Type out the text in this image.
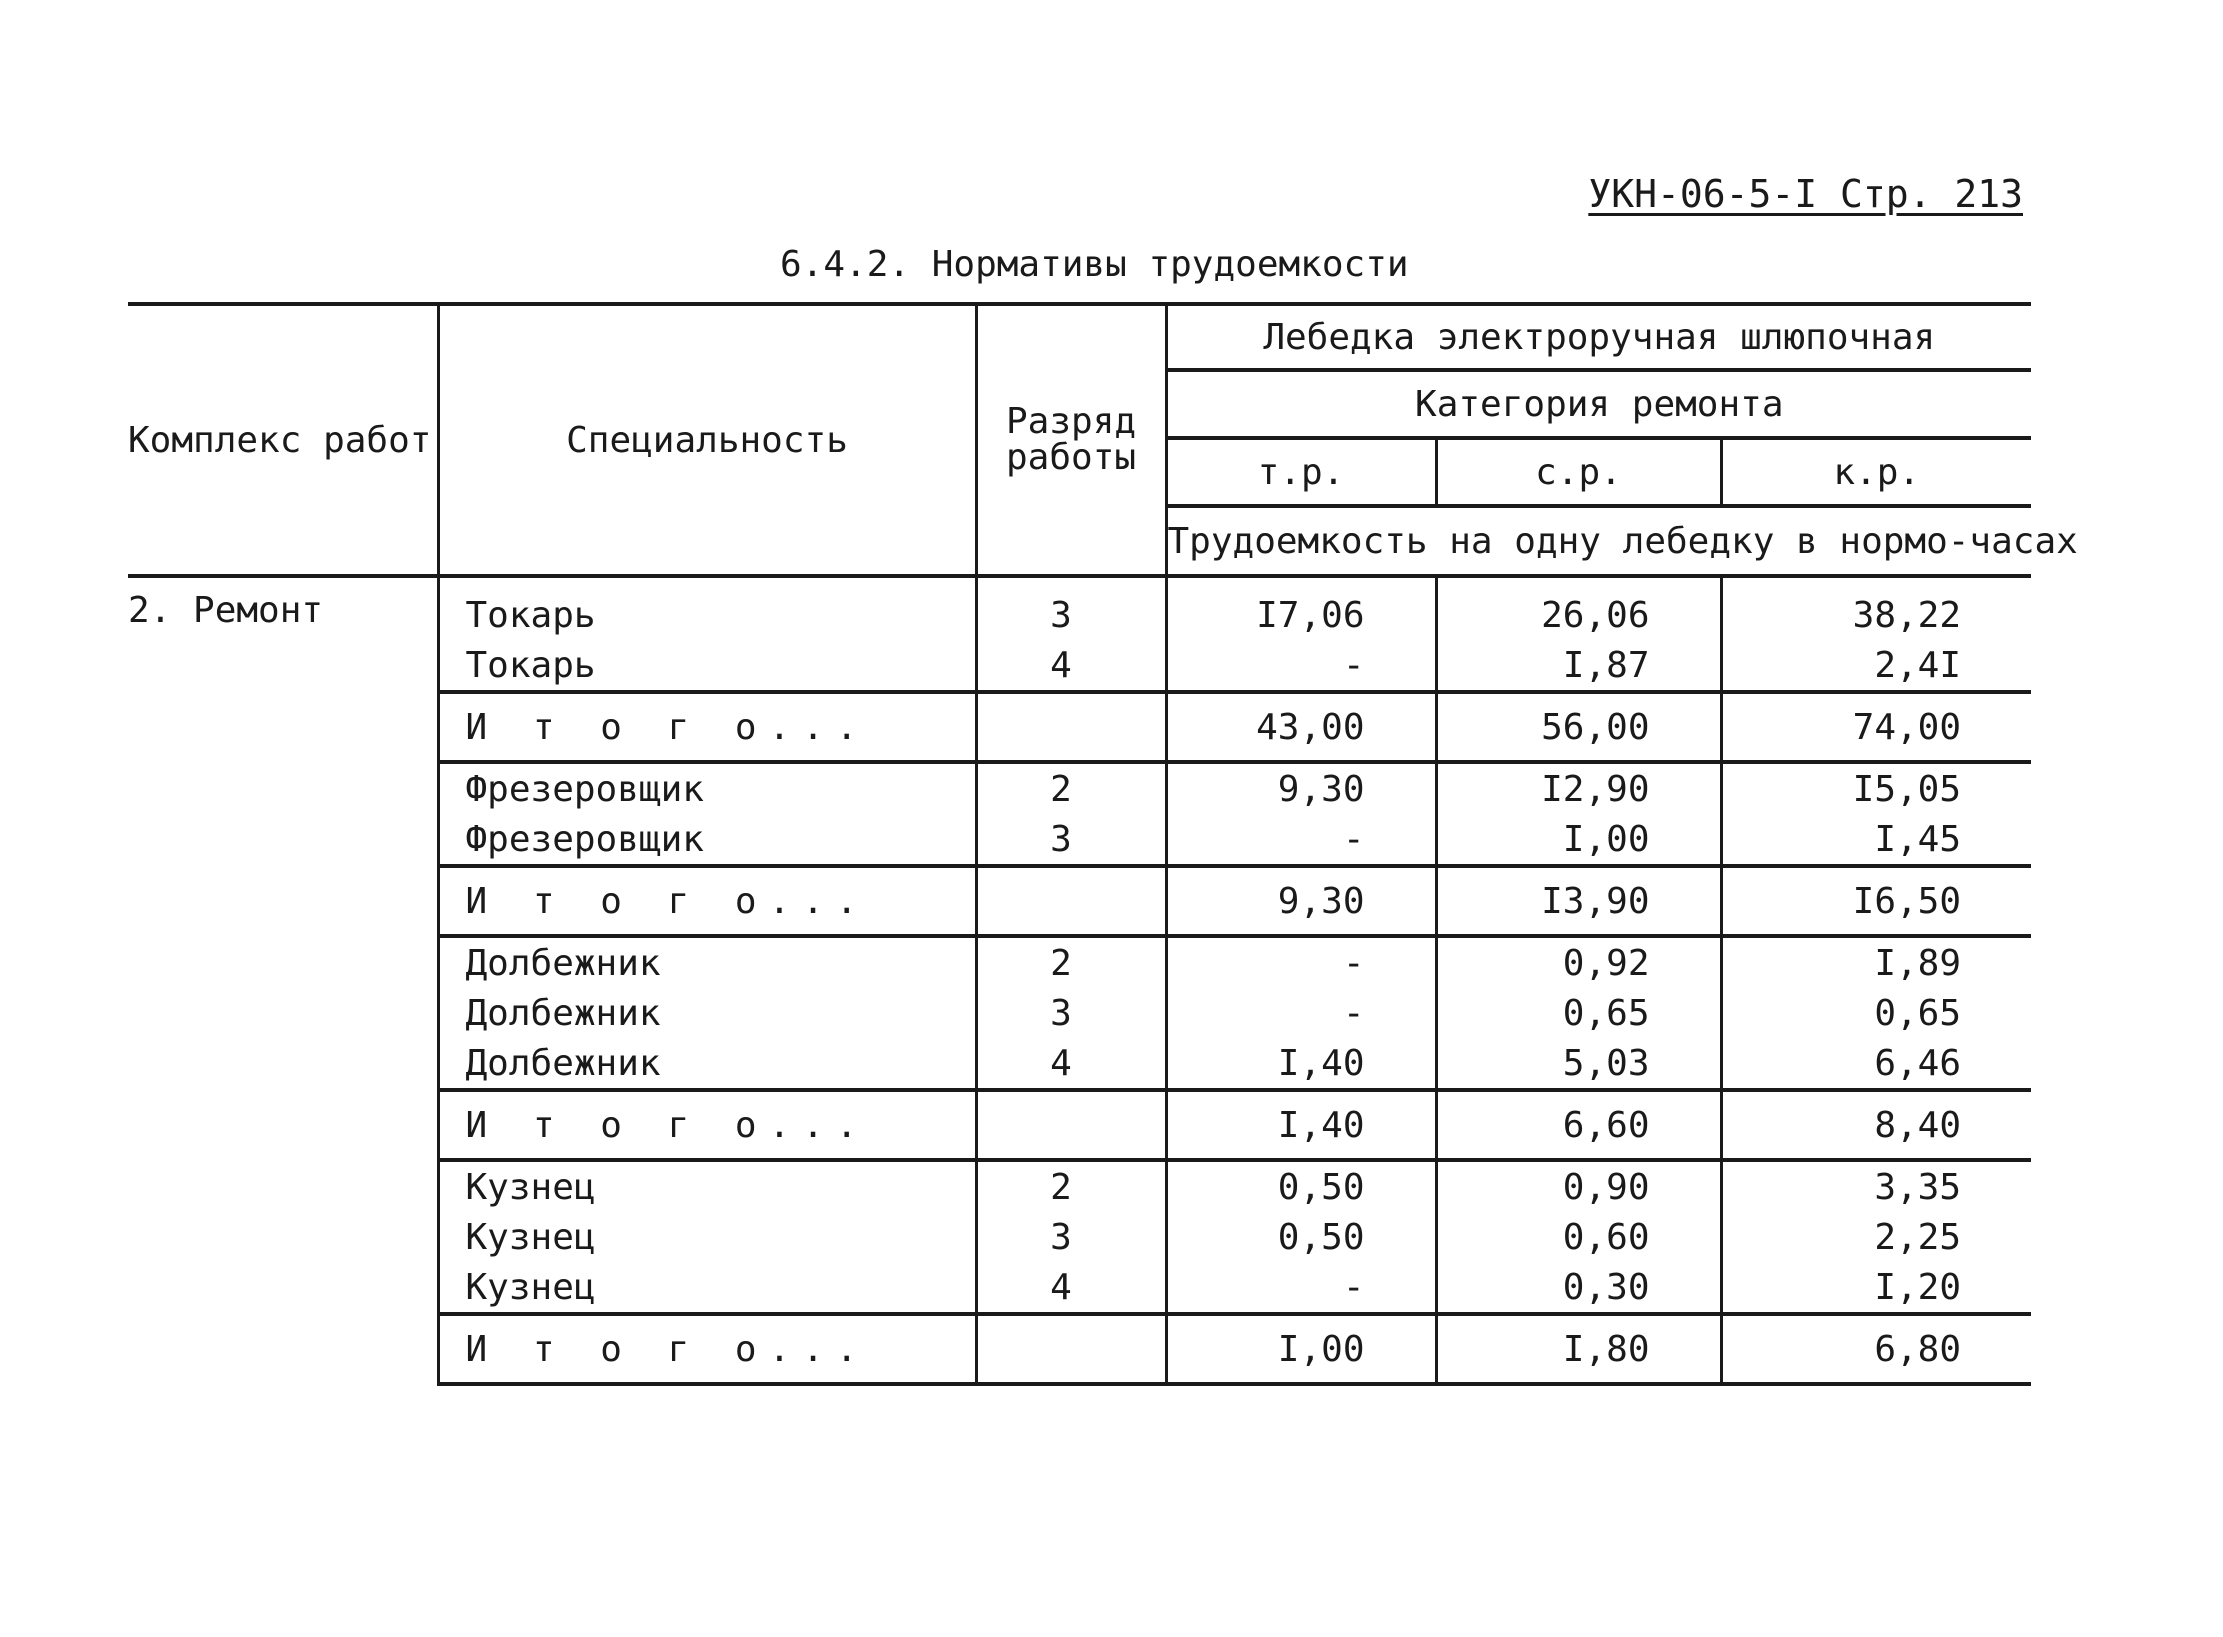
УКН-06-5-I Стр. 213
6.4.2. Нормативы трудоемкости
Комплекс работ	Специальность	Разряд работы	Лебедка электроручная шлюпочная		
			Категория ремонта		
			т.р.	с.р.	к.р.
			Трудоемкость на одну лебедку в нормо-часах		
2. Ремонт	Токарь	3	I7,06	26,06	38,22
	Токарь	4	-	I,87	2,4I
	И т о г о...		43,00	56,00	74,00
	Фрезеровщик	2	9,30	I2,90	I5,05
	Фрезеровщик	3	-	I,00	I,45
	И т о г о...		9,30	I3,90	I6,50
	Долбежник	2	-	0,92	I,89
	Долбежник	3	-	0,65	0,65
	Долбежник	4	I,40	5,03	6,46
	И т о г о...		I,40	6,60	8,40
	Кузнец	2	0,50	0,90	3,35
	Кузнец	3	0,50	0,60	2,25
	Кузнец	4	-	0,30	I,20
	И т о г о...		I,00	I,80	6,80
